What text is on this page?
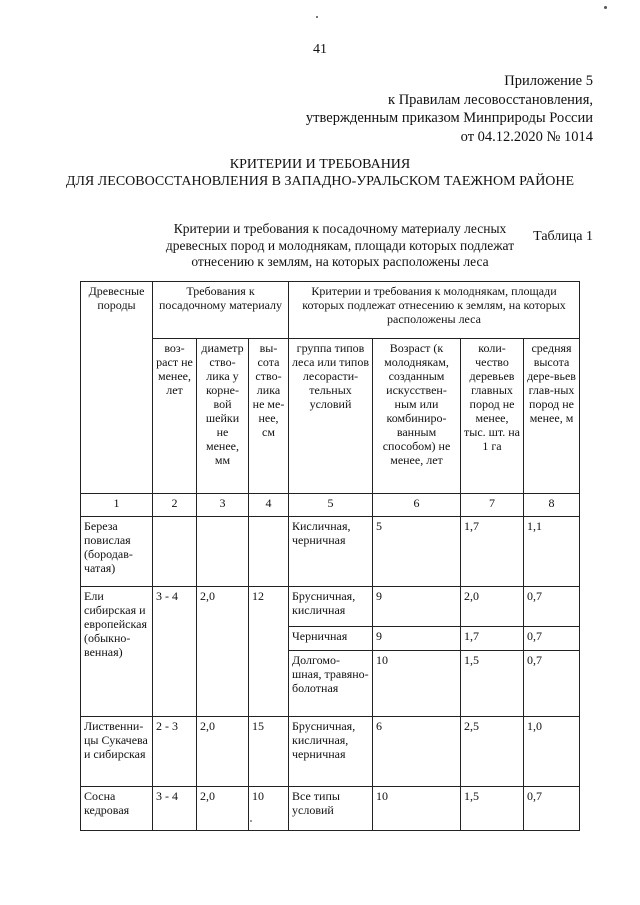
41
Приложение 5
к Правилам лесовосстановления,
утвержденным приказом Минприроды России
от 04.12.2020 № 1014
КРИТЕРИИ И ТРЕБОВАНИЯ
ДЛЯ ЛЕСОВОССТАНОВЛЕНИЯ В ЗАПАДНО-УРАЛЬСКОМ ТАЕЖНОМ РАЙОНЕ
Таблица 1
Критерии и требования к посадочному материалу лесных
древесных пород и молоднякам, площади которых подлежат
отнесению к землям, на которых расположены леса
Древесные породы	Требования к посадочному материалу			Критерии и требования к молоднякам, площади которых подлежат отнесению к землям, на которых расположены леса			
	воз-раст не менее, лет	диаметр ство-лика у корне-вой шейки не менее, мм	вы-сота ство-лика не ме-нее, см	группа типов леса или типов лесорасти-тельных условий	Возраст (к молоднякам, созданным искусствен-ным или комбиниро-ванным способом) не менее, лет	коли-чество деревьев главных пород не менее, тыс. шт. на 1 га	средняя высота дере-вьев глав-ных пород не менее, м
1	2	3	4	5	6	7	8
Береза повислая (бородав-чатая)				Кисличная, черничная	5	1,7	1,1
Ели сибирская и европейская (обыкно-венная)	3 - 4	2,0	12	Брусничная, кисличная	9	2,0	0,7
				Черничная	9	1,7	0,7
				Долгомо-шная, травяно-болотная	10	1,5	0,7
Лиственни-цы Сукачева и сибирская	2 - 3	2,0	15	Брусничная, кисличная, черничная	6	2,5	1,0
Сосна кедровая	3 - 4	2,0	10	Все типы условий	10	1,5	0,7
